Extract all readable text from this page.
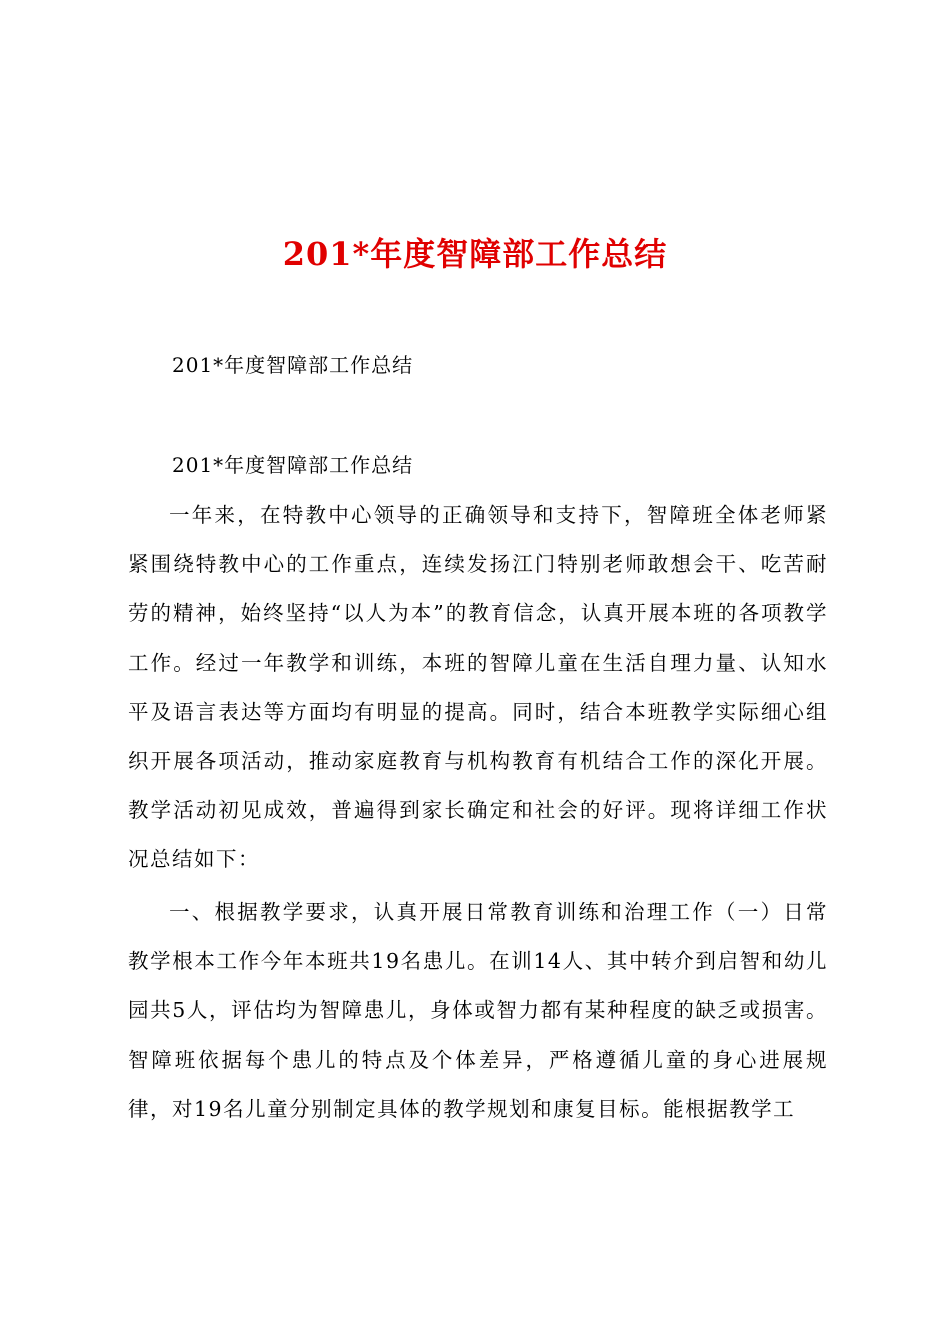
201*年度智障部工作总结
201*年度智障部工作总结
201*年度智障部工作总结

一年来，在特教中心领导的正确领导和支持下，智障班全体老师紧紧围绕特教中心的工作重点，连续发扬江门特别老师敢想会干、吃苦耐劳的精神，始终坚持“以人为本”的教育信念，认真开展本班的各项教学工作。经过一年教学和训练，本班的智障儿童在生活自理力量、认知水平及语言表达等方面均有明显的提高。同时，结合本班教学实际细心组织开展各项活动，推动家庭教育与机构教育有机结合工作的深化开展。教学活动初见成效，普遍得到家长确定和社会的好评。现将详细工作状况总结如下：

一、根据教学要求，认真开展日常教育训练和治理工作（一）日常教学根本工作今年本班共19名患儿。在训14人、其中转介到启智和幼儿园共5人，评估均为智障患儿，身体或智力都有某种程度的缺乏或损害。智障班依据每个患儿的特点及个体差异，严格遵循儿童的身心进展规律，对19名儿童分别制定具体的教学规划和康复目标。能根据教学工
